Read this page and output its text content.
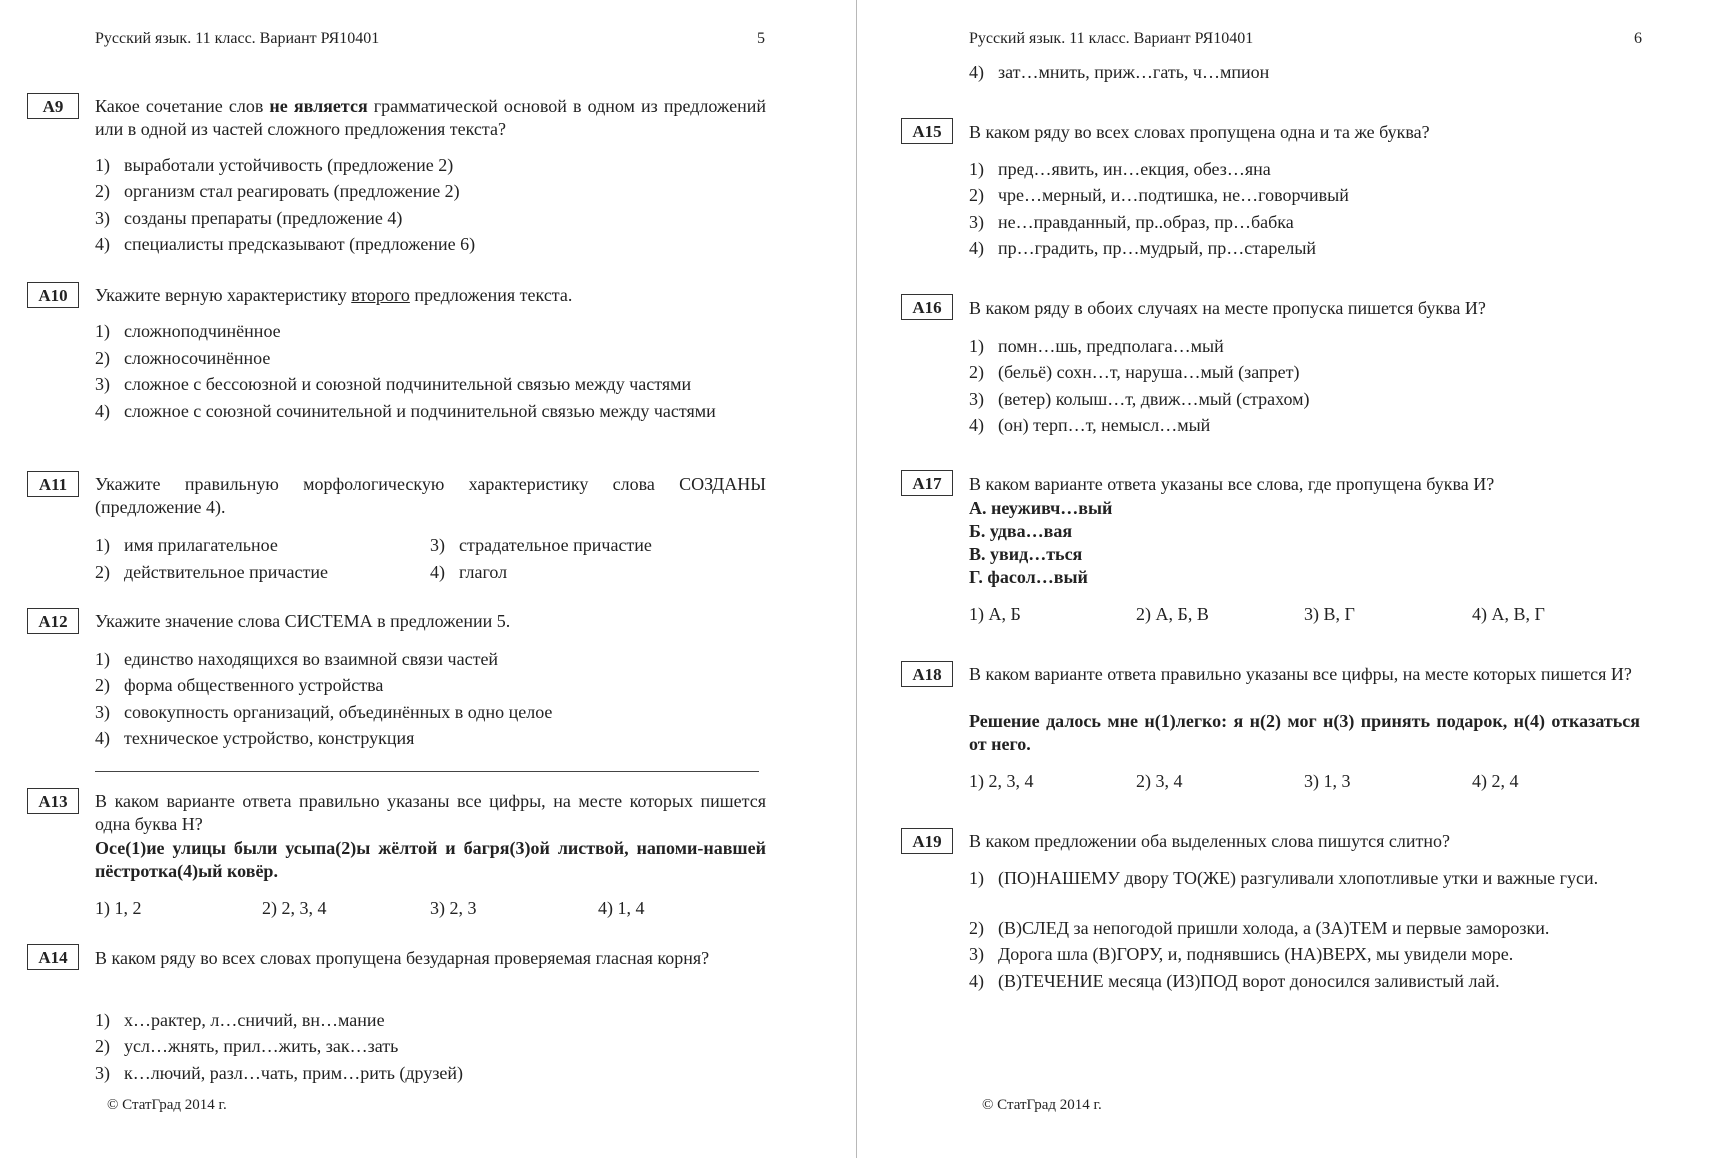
Русский язык. 11 класс. Вариант РЯ10401	5
А9	Какое сочетание слов не является грамматической основой в одном из предложений или в одной из частей сложного предложения текста?
1) выработали устойчивость (предложение 2)
2) организм стал реагировать (предложение 2)
3) созданы препараты (предложение 4)
4) специалисты предсказывают (предложение 6)
А10	Укажите верную характеристику второго предложения текста.
1) сложноподчинённое
2) сложносочинённое
3) сложное с бессоюзной и союзной подчинительной связью между частями
4) сложное с союзной сочинительной и подчинительной связью между частями
А11	Укажите правильную морфологическую характеристику слова СОЗДАНЫ (предложение 4).
1) имя прилагательное	3) страдательное причастие
2) действительное причастие	4) глагол
А12	Укажите значение слова СИСТЕМА в предложении 5.
1) единство находящихся во взаимной связи частей
2) форма общественного устройства
3) совокупность организаций, объединённых в одно целое
4) техническое устройство, конструкция
А13	В каком варианте ответа правильно указаны все цифры, на месте которых пишется одна буква Н?
Осе(1)ие улицы были усыпа(2)ы жёлтой и багря(3)ой листвой, напоми-навшей пёстротка(4)ый ковёр.
1) 1, 2	2) 2, 3, 4	3) 2, 3	4) 1, 4
А14	В каком ряду во всех словах пропущена безударная проверяемая гласная корня?
1) х…рактер, л…сничий, вн…мание
2) усл…жнять, прил…жить, зак…зать
3) к…лючий, разл…чать, прим…рить (друзей)
© СтатГрад 2014 г.
Русский язык. 11 класс. Вариант РЯ10401	6
4) зат…мнить, приж…гать, ч…мпион
А15	В каком ряду во всех словах пропущена одна и та же буква?
1) пред…явить, ин…екция, обез…яна
2) чре…мерный, и…подтишка, не…говорчивый
3) не…правданный, пр..образ, пр…бабка
4) пр…градить, пр…мудрый, пр…старелый
А16	В каком ряду в обоих случаях на месте пропуска пишется буква И?
1) помн…шь, предполага…мый
2) (бельё) сохн…т, наруша…мый (запрет)
3) (ветер) колыш…т, движ…мый (страхом)
4) (он) терп…т, немысл…мый
А17	В каком варианте ответа указаны все слова, где пропущена буква И?
А. неуживч…вый
Б. удва…вая
В. увид…ться
Г. фасол…вый
1) А, Б	2) А, Б, В	3) В, Г	4) А, В, Г
А18	В каком варианте ответа правильно указаны все цифры, на месте которых пишется И?
Решение далось мне н(1)легко: я н(2) мог н(3) принять подарок, н(4) отказаться от него.
1) 2, 3, 4	2) 3, 4	3) 1, 3	4) 2, 4
А19	В каком предложении оба выделенных слова пишутся слитно?
1) (ПО)НАШЕМУ двору ТО(ЖЕ) разгуливали хлопотливые утки и важные гуси.
2) (В)СЛЕД за непогодой пришли холода, а (ЗА)ТЕМ и первые заморозки.
3) Дорога шла (В)ГОРУ, и, поднявшись (НА)ВЕРХ, мы увидели море.
4) (В)ТЕЧЕНИЕ месяца (ИЗ)ПОД ворот доносился заливистый лай.
© СтатГрад 2014 г.
